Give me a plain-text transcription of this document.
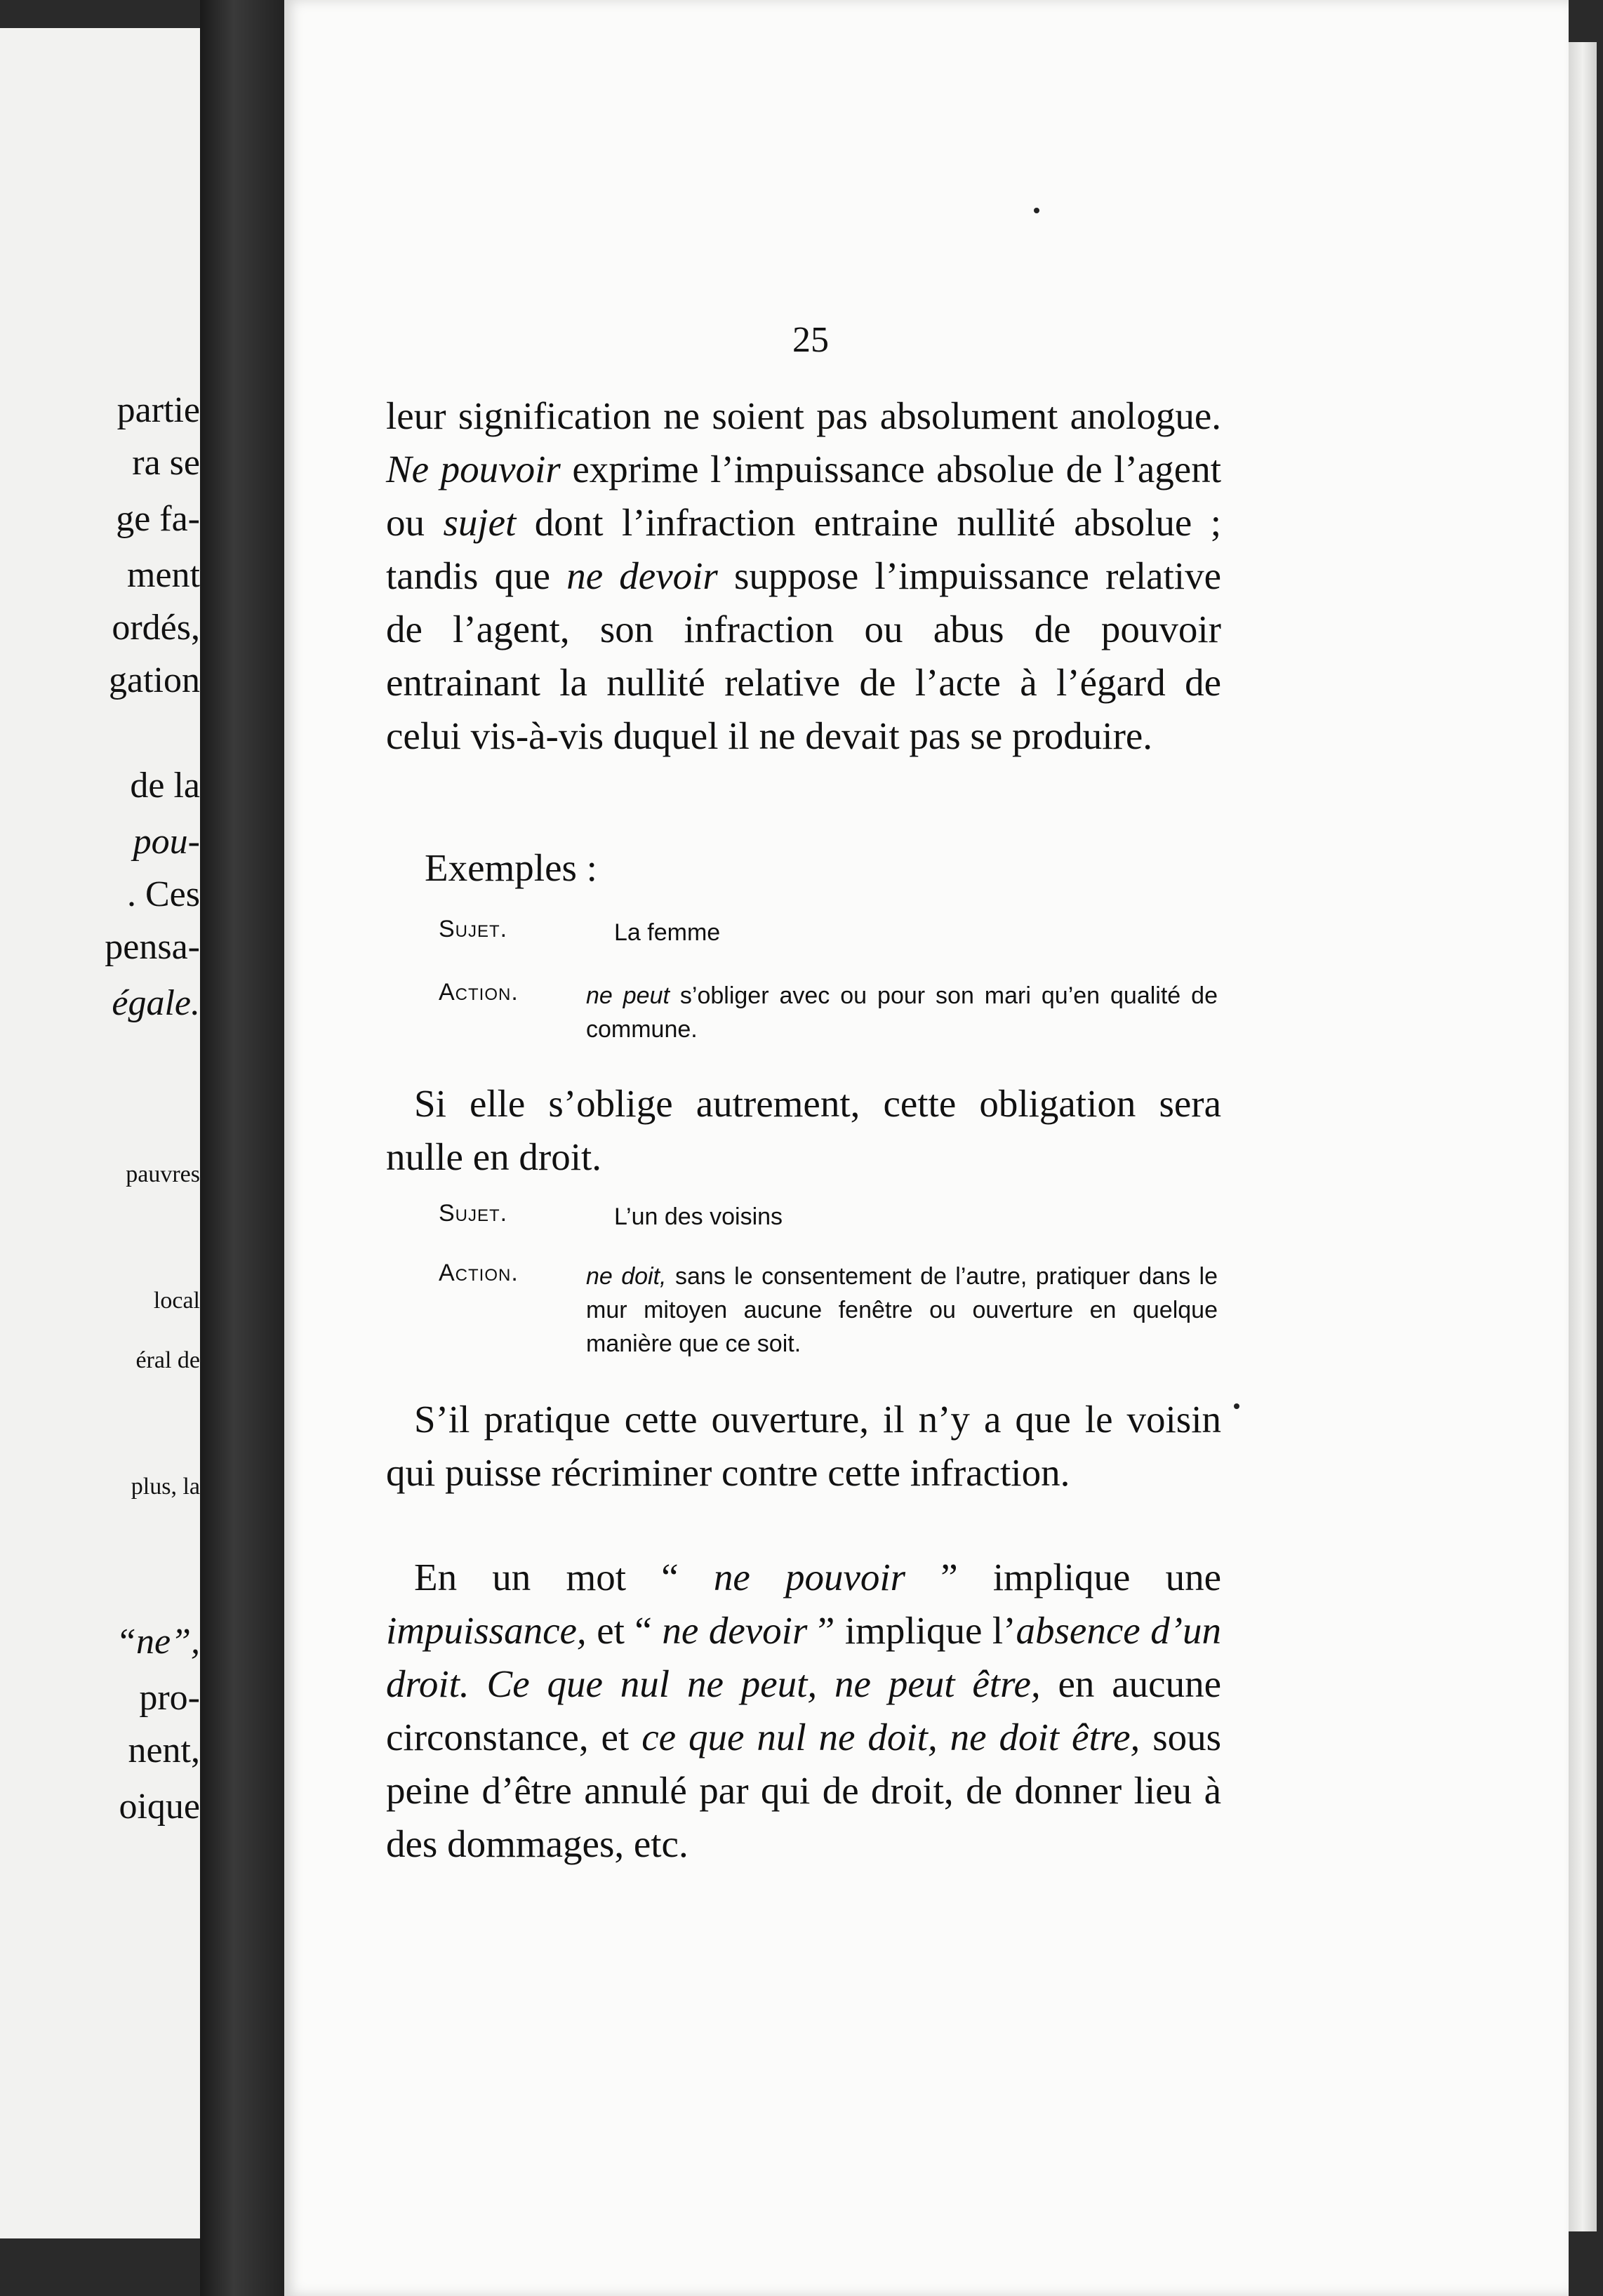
partie
ra se
ge fa-
ment
ordés,
gation
de la
pou-
. Ces
pensa-
égale.
pauvres
local
éral de
plus, la
“ne”,
pro-
nent,
oique
25
leur signification ne soient pas absolument anologue. Ne pouvoir exprime l’impuissance absolue de l’agent ou sujet dont l’infraction entraine nullité absolue ; tandis que ne devoir suppose l’impuissance relative de l’agent, son infraction ou abus de pouvoir entrainant la nullité relative de l’acte à l’égard de celui vis-à-vis duquel il ne devait pas se produire.
Exemples :
Sujet.	La femme
Action.	ne peut s’obliger avec ou pour son mari qu’en qualité de commune.
Si elle s’oblige autrement, cette obligation sera nulle en droit.
Sujet.	L’un des voisins
Action.	ne doit, sans le consentement de l’autre, pratiquer dans le mur mitoyen aucune fenêtre ou ouverture en quelque manière que ce soit.
S’il pratique cette ouverture, il n’y a que le voisin qui puisse récriminer contre cette infraction.
En un mot “ ne pouvoir ” implique une impuissance, et “ ne devoir ” implique l’absence d’un droit. Ce que nul ne peut, ne peut être, en aucune circonstance, et ce que nul ne doit, ne doit être, sous peine d’être annulé par qui de droit, de donner lieu à des dommages, etc.
